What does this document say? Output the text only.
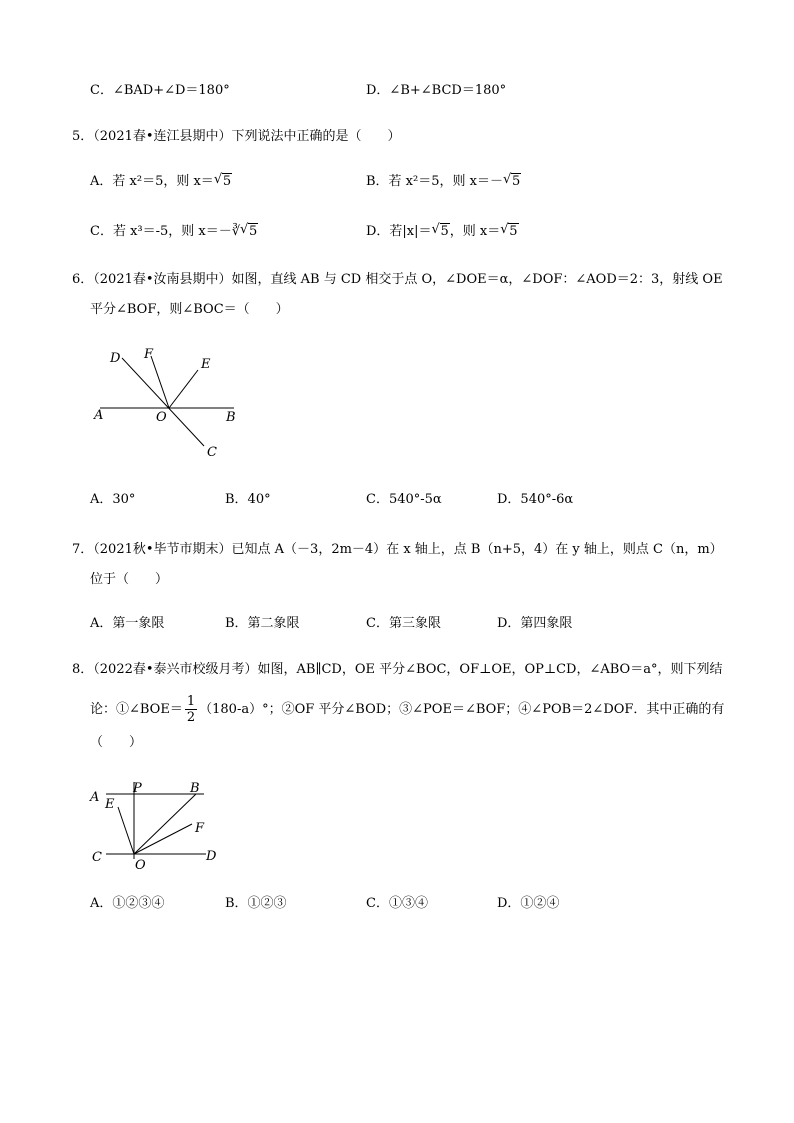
C．∠BAD+∠D＝180°	D．∠B+∠BCD＝180°
5．（2021春•连江县期中）下列说法中正确的是（　　）
A．若 x²＝5，则 x＝ √ 5	B．若 x²＝5，则 x＝－ √ 5
C．若 x³＝-5，则 x＝－∛ √ 5	D．若|x|＝ √ 5，则 x＝ √ 5
6．（2021春•汝南县期中）如图，直线 AB 与 CD 相交于点 O，∠DOE＝α，∠DOF：∠AOD＝2：3，射线 OE
平分∠BOF，则∠BOC＝（　　）
D F
E
A	O	B
C
A．30°	B．40°	C．540°-5α	D．540°-6α
7．（2021秋•毕节市期末）已知点 A（－3，2m－4）在 x 轴上，点 B（n+5，4）在 y 轴上，则点 C（n，m）
位于（　　）
A．第一象限	B．第二象限	C．第三象限	D．第四象限
8．（2022春•泰兴市校级月考）如图，AB∥CD，OE 平分∠BOC，OF⊥OE，OP⊥CD，∠ABO＝a°，则下列结
论：①∠BOE＝ $\frac{1}{2} (180-a)^\circ$；②OF 平分∠BOD；③∠POE＝∠BOF；④∠POB＝2∠DOF．其中正确的有
（　　）
A
P	B
E
F
C
O
D
A．①②③④	B．①②③	C．①③④	D．①②④
